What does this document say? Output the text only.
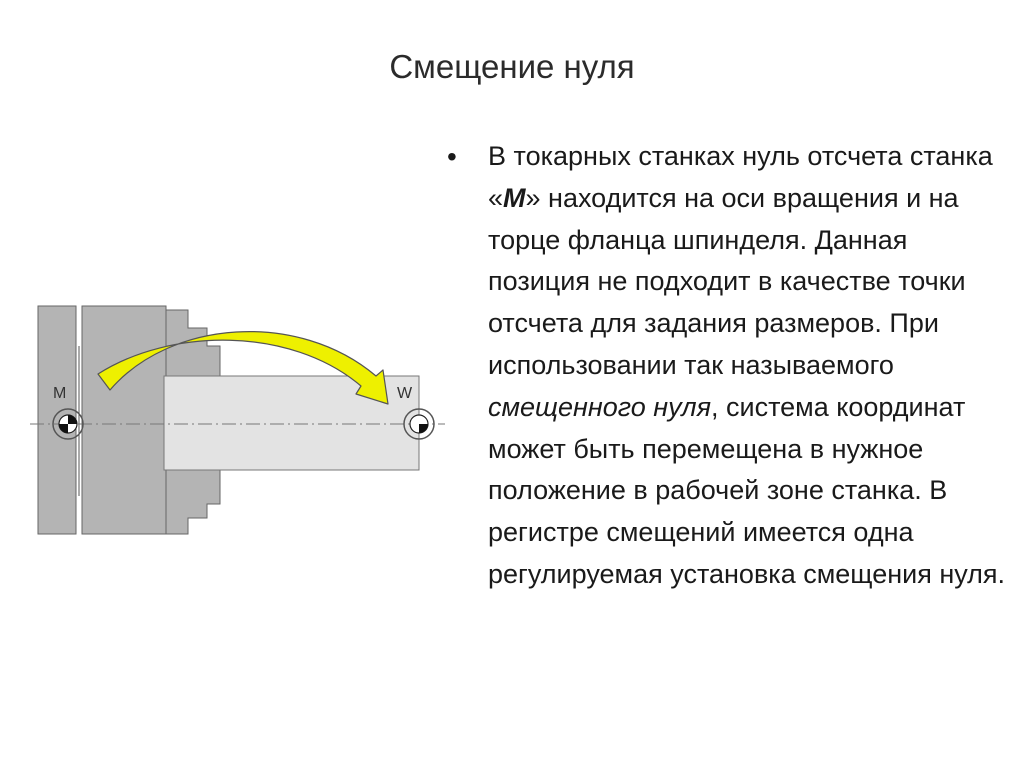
Смещение нуля
M	W
• В токарных станках нуль отсчета станка «M» находится на оси вращения и на торце фланца шпинделя. Данная позиция не подходит в качестве точки отсчета для задания размеров. При использовании так называемого смещенного нуля, система координат может быть перемещена в нужное положение в рабочей зоне станка. В регистре смещений имеется одна регулируемая установка смещения нуля.
